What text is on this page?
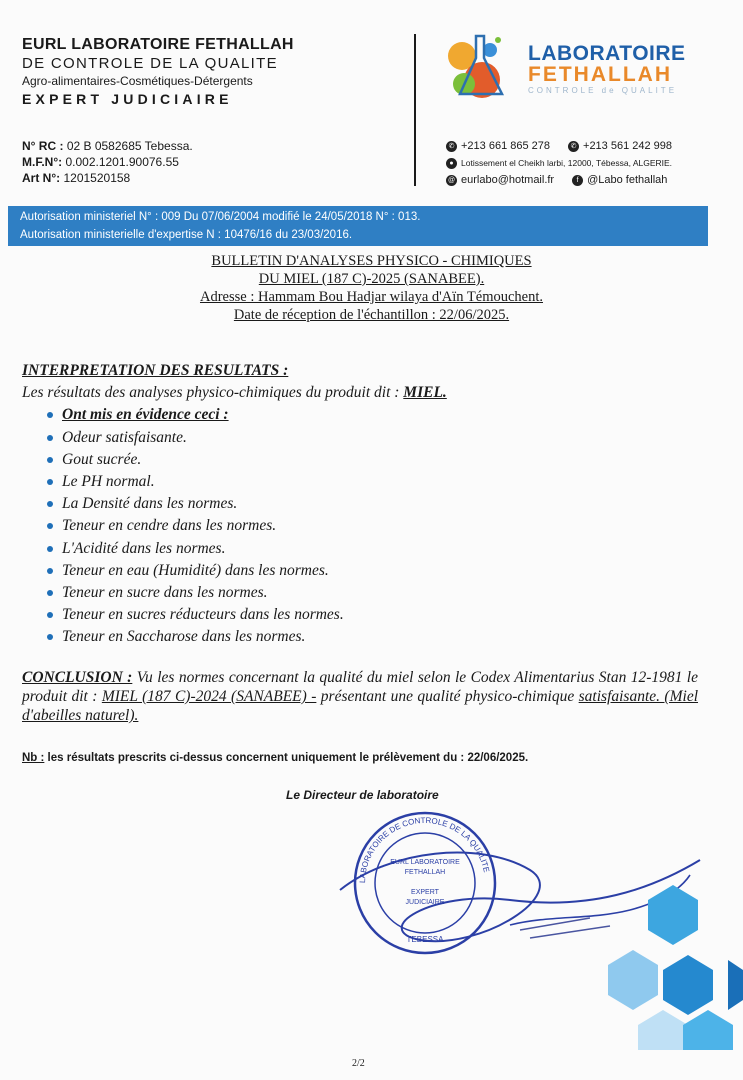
EURL LABORATOIRE FETHALLAH
DE CONTROLE DE LA QUALITE
Agro-alimentaires-Cosmétiques-Détergents
EXPERT JUDICIAIRE
N° RC : 02 B 0582685 Tebessa.
M.F.N°: 0.002.1201.90076.55
Art N°: 1201520158
LABORATOIRE
FETHALLAH
CONTROLE de QUALITE
✆ +213 661 865 278	✆ +213 561 242 998
● Lotissement el Cheikh larbi, 12000, Tébessa, ALGERIE.
@ eurlabo@hotmail.fr	f @Labo fethallah
Autorisation ministeriel N° : 009 Du 07/06/2004 modifié le 24/05/2018 N° : 013.
Autorisation ministerielle d'expertise N : 10476/16 du 23/03/2016.
BULLETIN D'ANALYSES PHYSICO - CHIMIQUES
DU MIEL (187 C)-2025 (SANABEE).
Adresse : Hammam Bou Hadjar wilaya d'Aïn Témouchent.
Date de réception de l'échantillon : 22/06/2025.
INTERPRETATION DES RESULTATS :
Les résultats des analyses physico-chimiques du produit dit : MIEL.
Ont mis en évidence ceci :
Odeur satisfaisante.
Gout sucrée.
Le PH normal.
La Densité dans les normes.
Teneur en cendre dans les normes.
L'Acidité dans les normes.
Teneur en eau (Humidité) dans les normes.
Teneur en sucre dans les normes.
Teneur en sucres réducteurs dans les normes.
Teneur en Saccharose dans les normes.
CONCLUSION : Vu les normes concernant la qualité du miel selon le Codex Alimentarius Stan 12-1981 le produit dit : MIEL (187 C)-2024 (SANABEE) - présentant une qualité physico-chimique satisfaisante. (Miel d'abeilles naturel).
Nb : les résultats prescrits ci-dessus concernent uniquement le prélèvement du : 22/06/2025.
Le Directeur de laboratoire
LABORATOIRE DE CONTROLE DE LA QUALITE
EURL LABORATOIRE
FETHALLAH
EXPERT
JUDICIAIRE
TEBESSA
2/2
